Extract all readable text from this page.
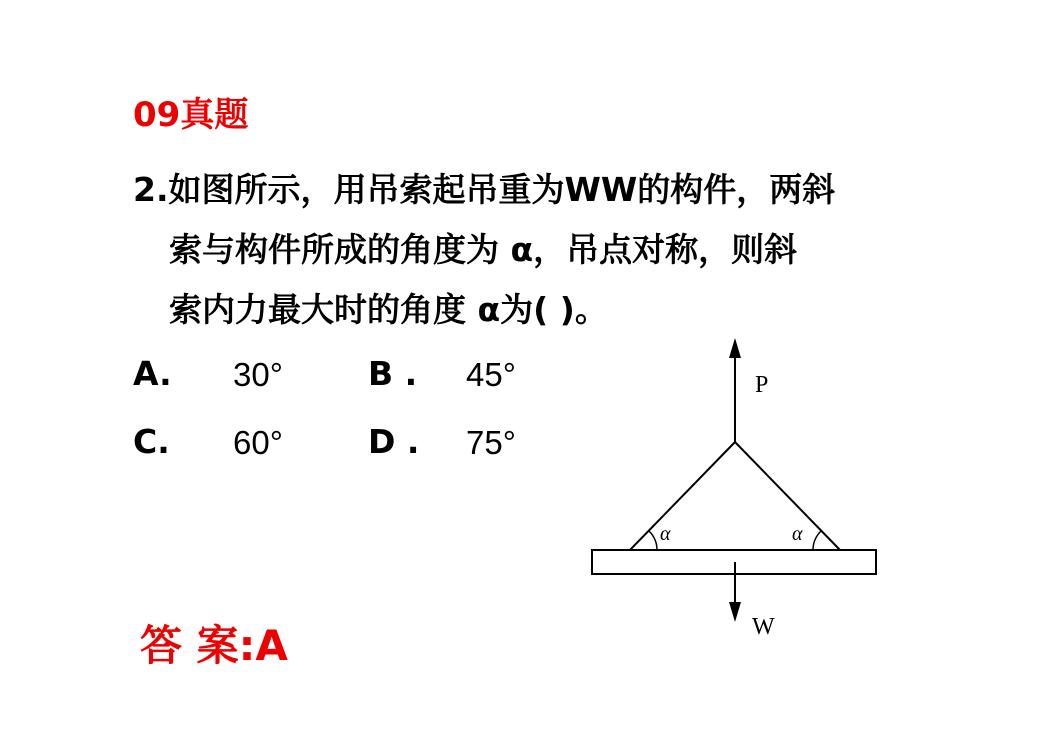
09真题
2.如图所示，用吊索起吊重为WW的构件，两斜
索与构件所成的角度为 α，吊点对称，则斜
索内力最大时的角度 α为( )。
A. 30°	B . 45°
C. 60°	D . 75°
P
α	α
W
答 案:A
